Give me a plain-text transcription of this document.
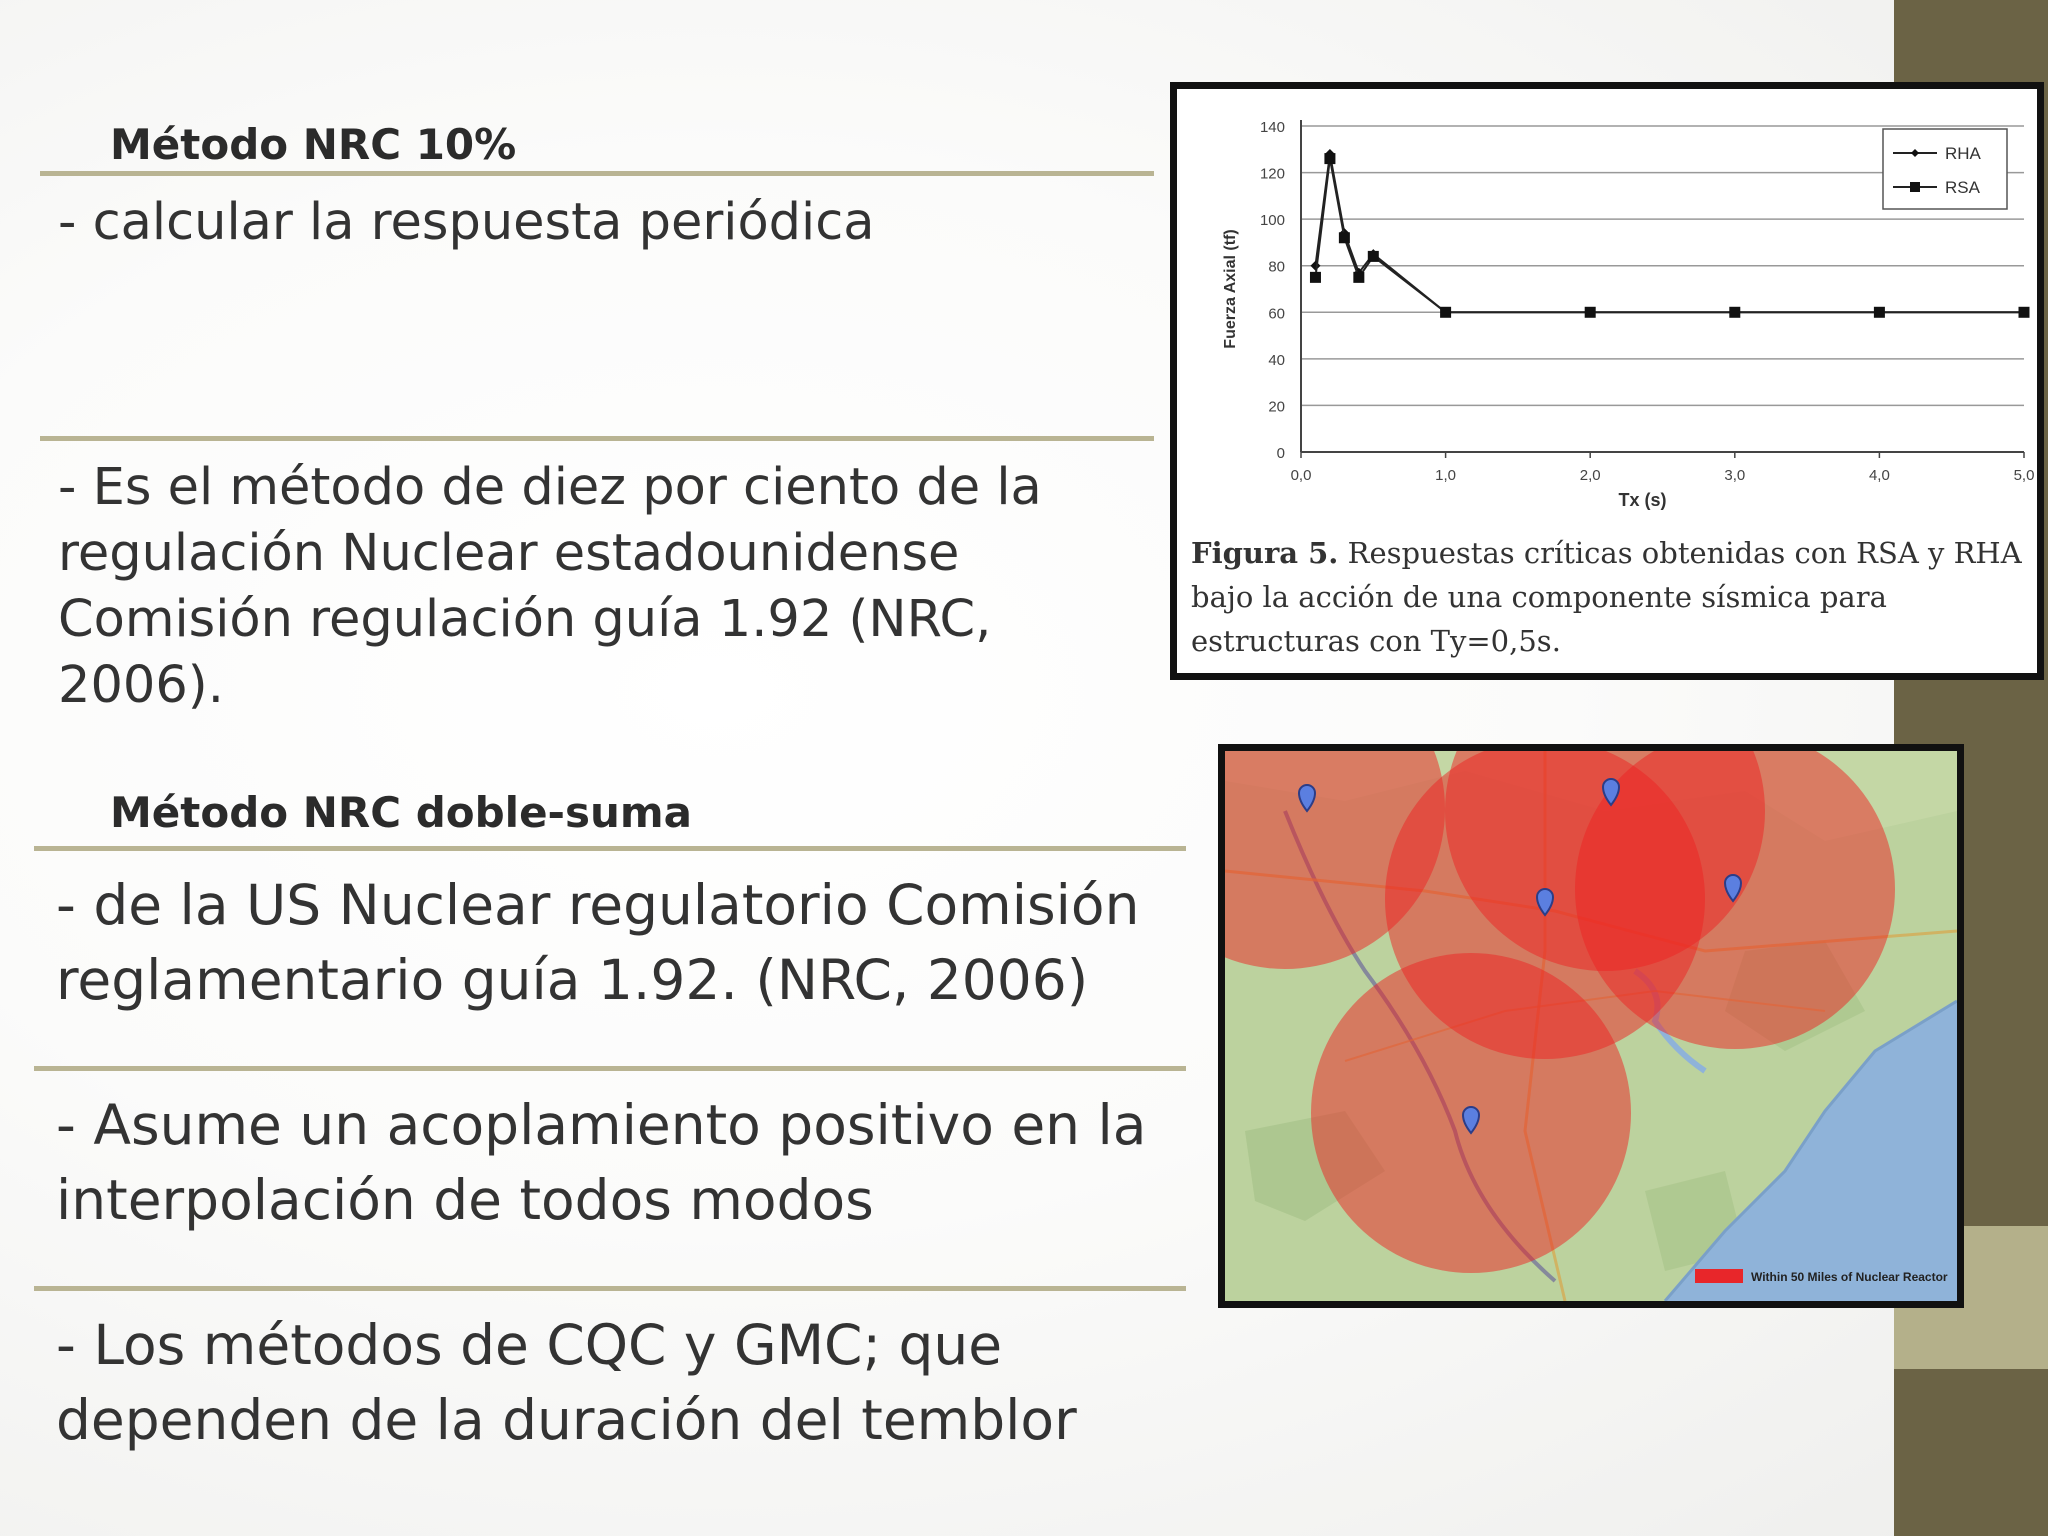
Método NRC 10%

- calcular la respuesta periódica

- Es el método de diez por ciento de la regulación Nuclear estadounidense Comisión regulación guía 1.92 (NRC, 2006).

Método NRC doble-suma

- de la US Nuclear regulatorio Comisión reglamentario guía 1.92. (NRC, 2006)

- Asume un acoplamiento positivo en la interpolación de todos modos

- Los métodos de CQC y GMC; que dependen de la duración del temblor

0
20
40
60
80
100
120
140
0,0	1,0	2,0	3,0	4,0	5,0
Tx (s)
Fuerza Axial (tf)
RHA
RSA
Figura 5. Respuestas críticas obtenidas con RSA y RHA bajo la acción de una componente sísmica para estructuras con Ty=0,5s.
Within 50 Miles of Nuclear Reactor
